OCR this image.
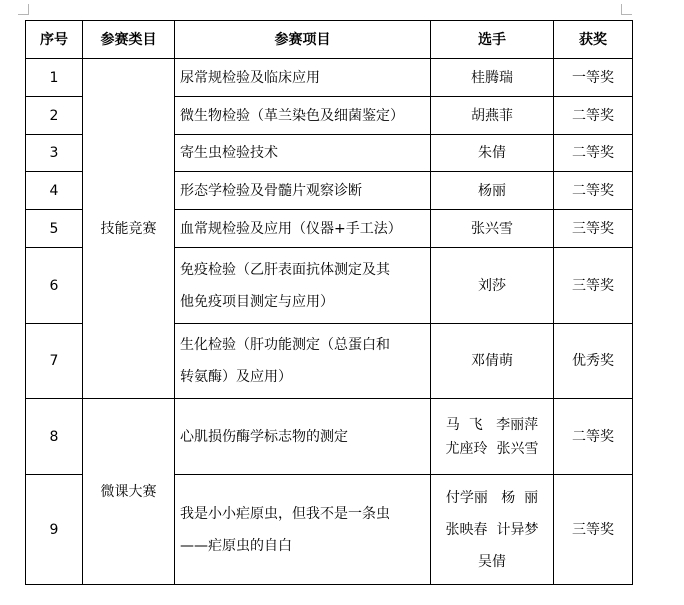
序号	参赛类目	参赛项目	选手	获奖
1	技能竞赛	尿常规检验及临床应用	桂腾瑞	一等奖
2		微生物检验（革兰染色及细菌鉴定）	胡燕菲	二等奖
3		寄生虫检验技术	朱倩	二等奖
4		形态学检验及骨髓片观察诊断	杨丽	二等奖
5		血常规检验及应用（仪器+手工法）	张兴雪	三等奖
6		免疫检验（乙肝表面抗体测定及其
他免疫项目测定与应用）	刘莎	三等奖
7		生化检验（肝功能测定（总蛋白和
转氨酶）及应用）	邓倩萌	优秀奖
8	微课大赛	心肌损伤酶学标志物的测定	马  飞   李丽萍
尤座玲  张兴雪	二等奖
9		我是小小疟原虫，但我不是一条虫
——疟原虫的自白	付学丽   杨  丽
张映春  计异梦
吴倩	三等奖
